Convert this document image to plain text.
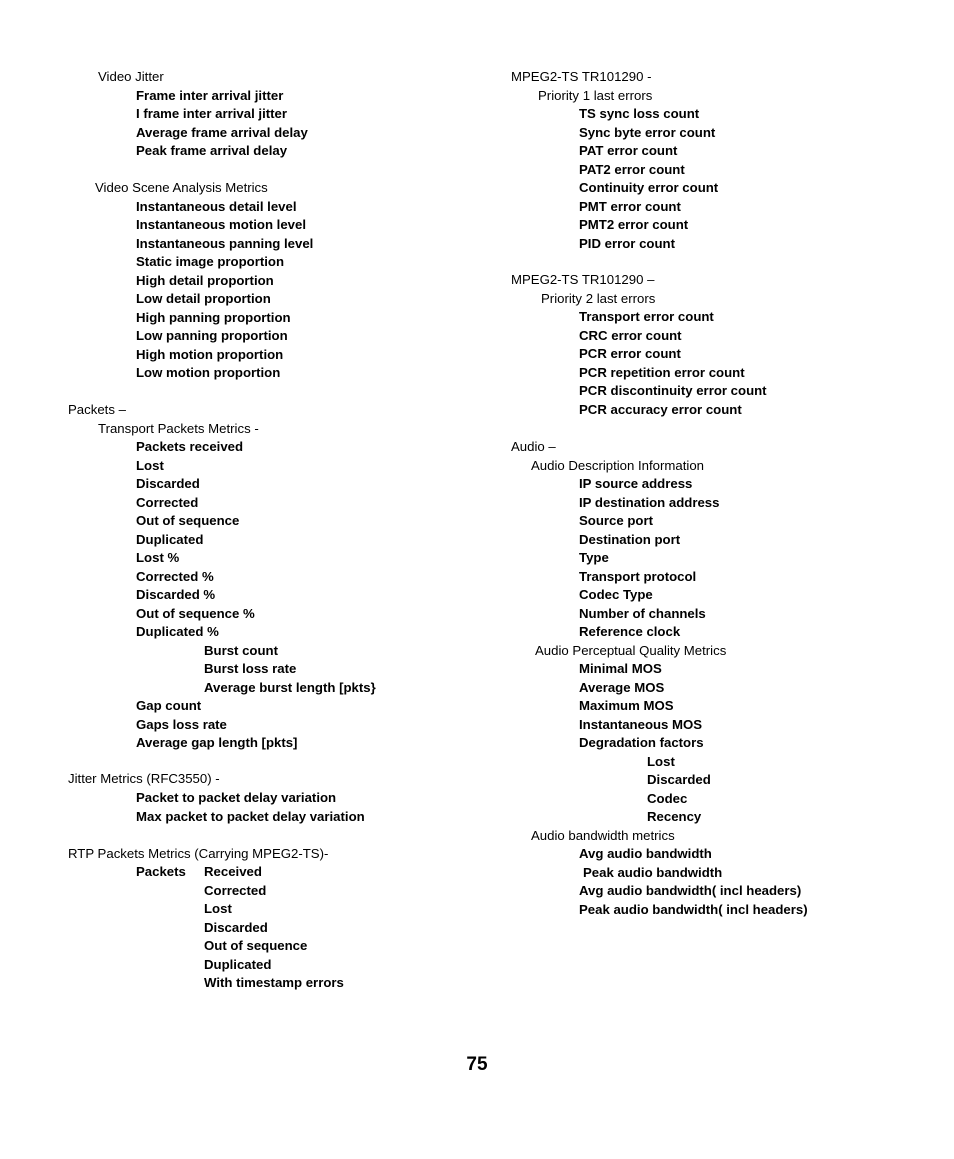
Video Jitter
Frame inter arrival jitter
I frame inter arrival jitter
Average frame arrival delay
Peak frame arrival delay
Video Scene Analysis Metrics
Instantaneous detail level
Instantaneous motion level
Instantaneous panning level
Static image proportion
High detail proportion
Low detail proportion
High panning proportion
Low panning proportion
High motion proportion
Low motion proportion
Packets –
Transport Packets Metrics -
Packets received
Lost
Discarded
Corrected
Out of sequence
Duplicated
Lost %
Corrected %
Discarded %
Out of sequence %
Duplicated %
Burst count
Burst loss rate
Average burst length [pkts}
Gap count
Gaps loss rate
Average gap length [pkts]
Jitter Metrics (RFC3550) -
Packet to packet delay variation
Max packet to packet delay variation
RTP Packets Metrics (Carrying MPEG2-TS)-
Packets Received
Corrected
Lost
Discarded
Out of sequence
Duplicated
With timestamp errors
MPEG2-TS TR101290 -
Priority 1 last errors
TS sync loss count
Sync byte error count
PAT error count
PAT2 error count
Continuity error count
PMT error count
PMT2 error count
PID error count
MPEG2-TS TR101290 –
Priority 2 last errors
Transport error count
CRC error count
PCR error count
PCR repetition error count
PCR discontinuity error count
PCR accuracy error count
Audio –
Audio Description Information
IP source address
IP destination address
Source port
Destination port
Type
Transport protocol
Codec Type
Number of channels
Reference clock
Audio Perceptual Quality Metrics
Minimal MOS
Average MOS
Maximum MOS
Instantaneous MOS
Degradation factors
Lost
Discarded
Codec
Recency
Audio bandwidth metrics
Avg audio bandwidth
Peak audio bandwidth
Avg audio bandwidth( incl headers)
Peak audio bandwidth( incl headers)
75
